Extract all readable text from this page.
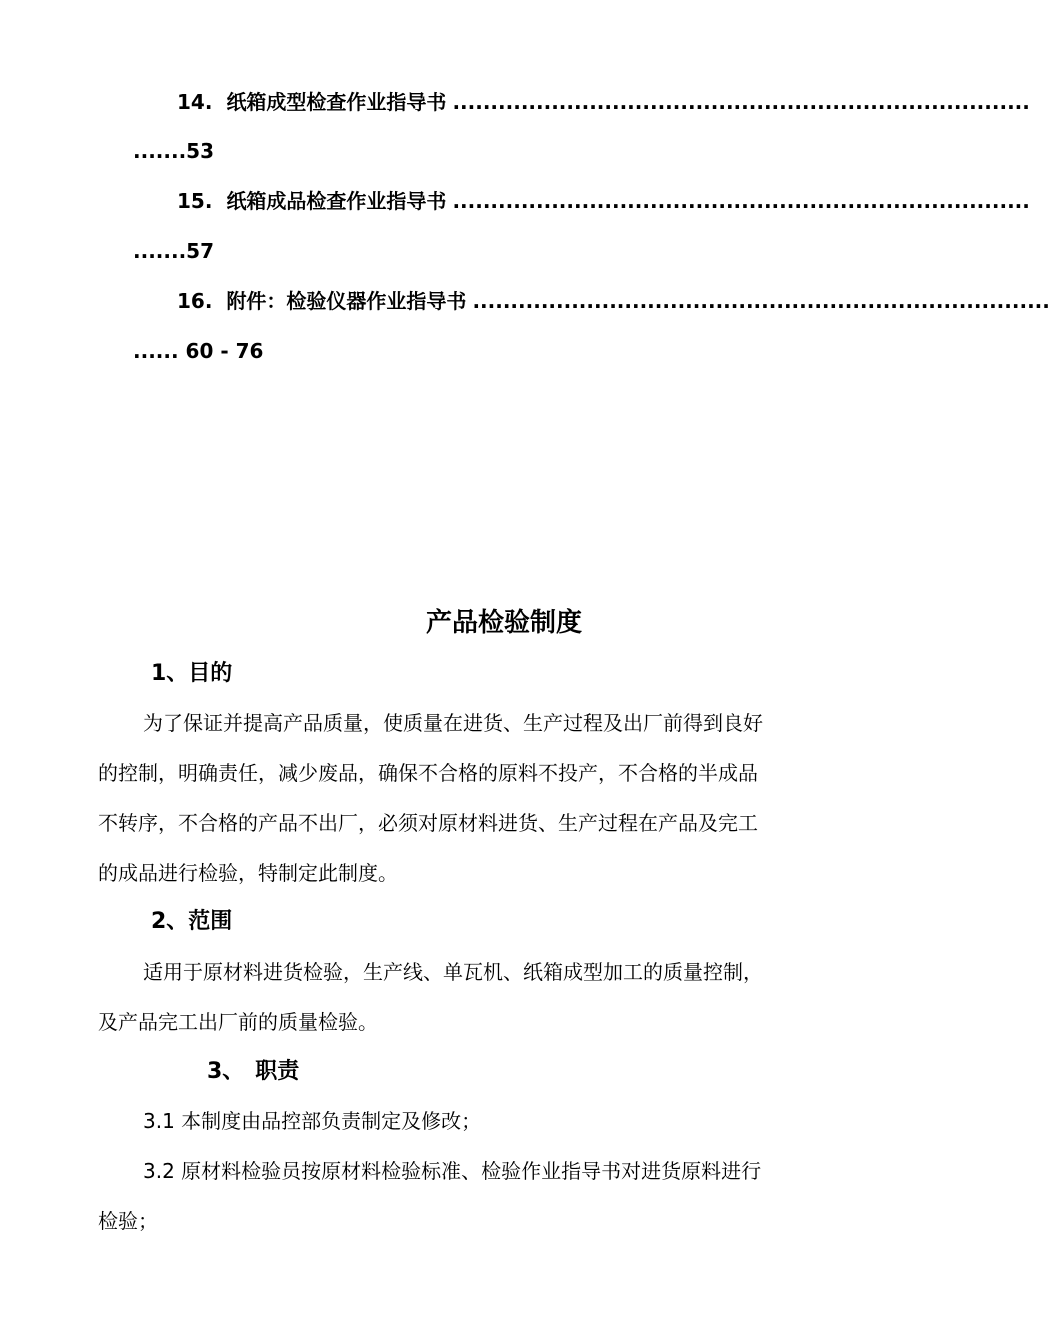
14. 纸箱成型检查作业指导书 ............................................................................
.......53
15. 纸箱成品检查作业指导书 ............................................................................
.......57
16. 附件：检验仪器作业指导书 ............................................................................
...... 60 - 76
产品检验制度
1、目的
为了保证并提高产品质量，使质量在进货、生产过程及出厂前得到良好
的控制，明确责任，减少废品，确保不合格的原料不投产，不合格的半成品
不转序，不合格的产品不出厂，必须对原材料进货、生产过程在产品及完工
的成品进行检验，特制定此制度。
2、范围
适用于原材料进货检验，生产线、单瓦机、纸箱成型加工的质量控制，
及产品完工出厂前的质量检验。
3、　职责
3.1 本制度由品控部负责制定及修改；
3.2 原材料检验员按原材料检验标准、检验作业指导书对进货原料进行
检验；
